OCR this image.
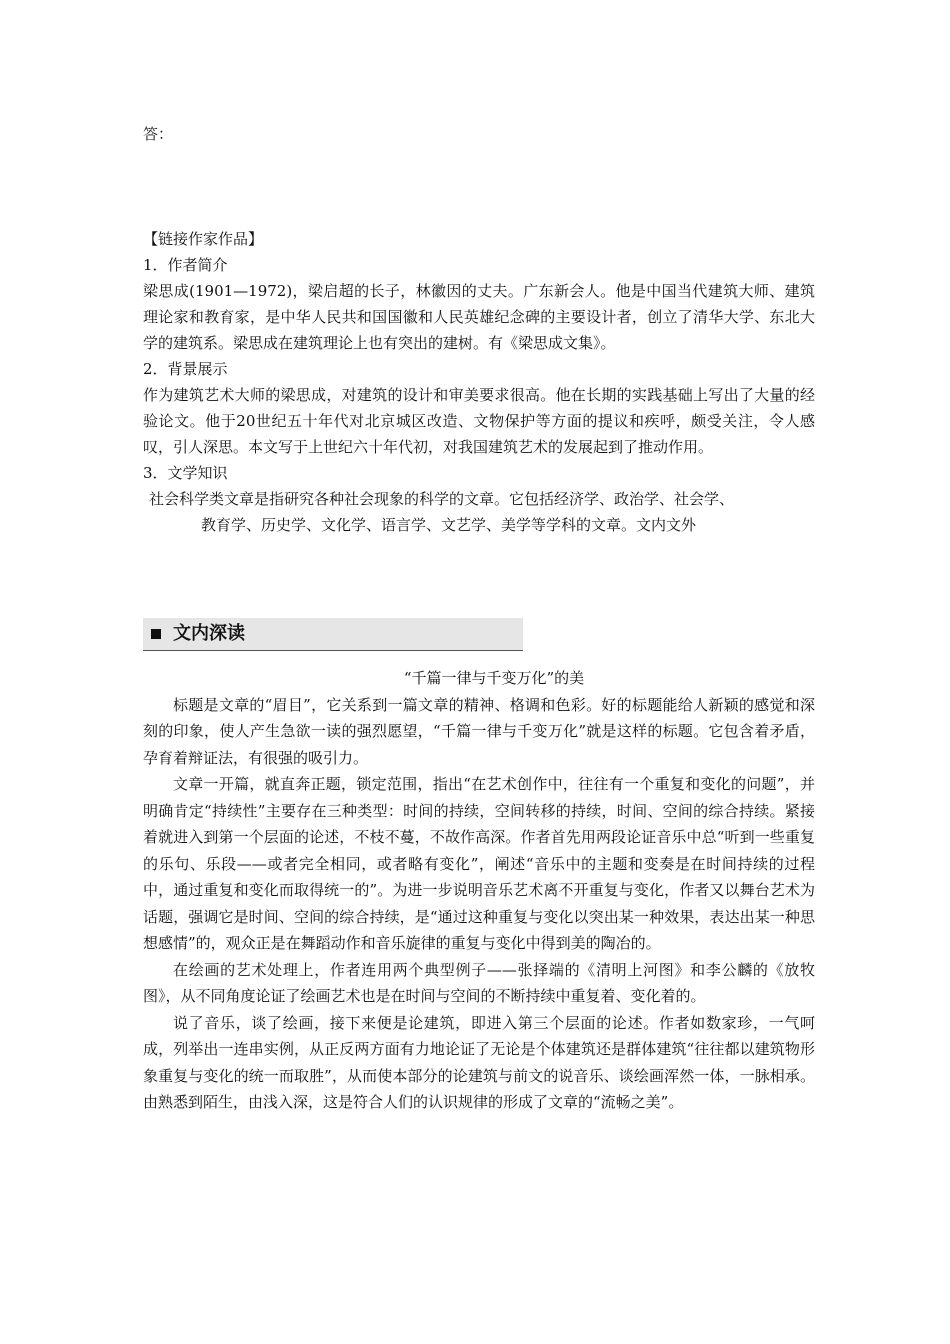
答：

【链接作家作品】

1．作者简介

梁思成(1901—1972)，梁启超的长子，林徽因的丈夫。广东新会人。他是中国当代建筑大师、建筑理论家和教育家，是中华人民共和国国徽和人民英雄纪念碑的主要设计者，创立了清华大学、东北大学的建筑系。梁思成在建筑理论上也有突出的建树。有《梁思成文集》。

2．背景展示

作为建筑艺术大师的梁思成，对建筑的设计和审美要求很高。他在长期的实践基础上写出了大量的经验论文。他于20世纪五十年代对北京城区改造、文物保护等方面的提议和疾呼，颇受关注，令人感叹，引人深思。本文写于上世纪六十年代初，对我国建筑艺术的发展起到了推动作用。

3．文学知识

社会科学类文章是指研究各种社会现象的科学的文章。它包括经济学、政治学、社会学、

教育学、历史学、文化学、语言学、文艺学、美学等学科的文章。文内文外

文内深读

“千篇一律与千变万化”的美

标题是文章的“眉目”，它关系到一篇文章的精神、格调和色彩。好的标题能给人新颖的感觉和深刻的印象，使人产生急欲一读的强烈愿望，“千篇一律与千变万化”就是这样的标题。它包含着矛盾，孕育着辩证法，有很强的吸引力。

文章一开篇，就直奔正题，锁定范围，指出“在艺术创作中，往往有一个重复和变化的问题”，并明确肯定“持续性”主要存在三种类型：时间的持续，空间转移的持续，时间、空间的综合持续。紧接着就进入到第一个层面的论述，不枝不蔓，不故作高深。作者首先用两段论证音乐中总“听到一些重复的乐句、乐段——或者完全相同，或者略有变化”，阐述“音乐中的主题和变奏是在时间持续的过程中，通过重复和变化而取得统一的”。为进一步说明音乐艺术离不开重复与变化，作者又以舞台艺术为话题，强调它是时间、空间的综合持续，是“通过这种重复与变化以突出某一种效果，表达出某一种思想感情”的，观众正是在舞蹈动作和音乐旋律的重复与变化中得到美的陶冶的。

在绘画的艺术处理上，作者连用两个典型例子——张择端的《清明上河图》和李公麟的《放牧图》，从不同角度论证了绘画艺术也是在时间与空间的不断持续中重复着、变化着的。

说了音乐，谈了绘画，接下来便是论建筑，即进入第三个层面的论述。作者如数家珍，一气呵成，列举出一连串实例，从正反两方面有力地论证了无论是个体建筑还是群体建筑“往往都以建筑物形象重复与变化的统一而取胜”，从而使本部分的论建筑与前文的说音乐、谈绘画浑然一体，一脉相承。由熟悉到陌生，由浅入深，这是符合人们的认识规律的形成了文章的“流畅之美”。
